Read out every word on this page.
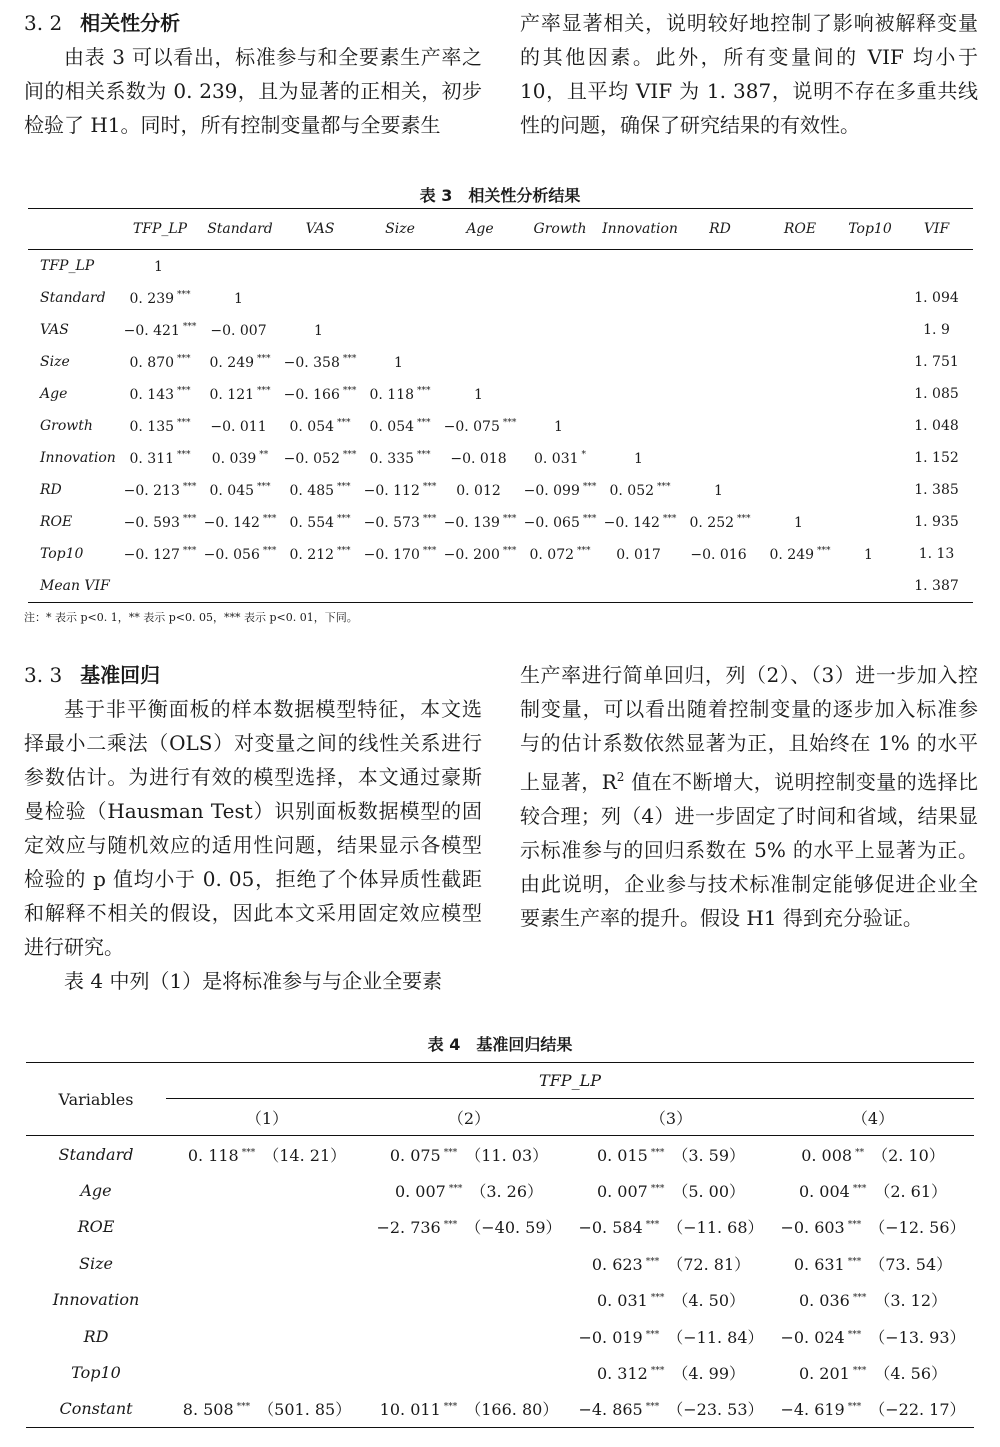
3. 2 相关性分析

由表 3 可以看出，标准参与和全要素生产率之间的相关系数为 0. 239，且为显著的正相关，初步检验了 H1。同时，所有控制变量都与全要素生

产率显著相关，说明较好地控制了影响被解释变量的其他因素。此外，所有变量间的 VIF 均小于 10，且平均 VIF 为 1. 387，说明不存在多重共线性的问题，确保了研究结果的有效性。

表 3　相关性分析结果
	TFP_LP	Standard	VAS	Size	Age	Growth	Innovation	RD	ROE	Top10	VIF
TFP_LP	1										
Standard	0. 239 ***	1									1. 094
VAS	−0. 421 ***	−0. 007	1								1. 9
Size	0. 870 ***	0. 249 ***	−0. 358 ***	1							1. 751
Age	0. 143 ***	0. 121 ***	−0. 166 ***	0. 118 ***	1						1. 085
Growth	0. 135 ***	−0. 011	0. 054 ***	0. 054 ***	−0. 075 ***	1					1. 048
Innovation	0. 311 ***	0. 039 **	−0. 052 ***	0. 335 ***	−0. 018	0. 031 *	1				1. 152
RD	−0. 213 ***	0. 045 ***	0. 485 ***	−0. 112 ***	0. 012	−0. 099 ***	0. 052 ***	1			1. 385
ROE	−0. 593 ***	−0. 142 ***	0. 554 ***	−0. 573 ***	−0. 139 ***	−0. 065 ***	−0. 142 ***	0. 252 ***	1		1. 935
Top10	−0. 127 ***	−0. 056 ***	0. 212 ***	−0. 170 ***	−0. 200 ***	0. 072 ***	0. 017	−0. 016	0. 249 ***	1	1. 13
Mean VIF											1. 387
注：* 表示 p<0. 1，** 表示 p<0. 05，*** 表示 p<0. 01，下同。
3. 3 基准回归

基于非平衡面板的样本数据模型特征，本文选择最小二乘法（OLS）对变量之间的线性关系进行参数估计。为进行有效的模型选择，本文通过豪斯曼检验（Hausman Test）识别面板数据模型的固定效应与随机效应的适用性问题，结果显示各模型检验的 p 值均小于 0. 05，拒绝了个体异质性截距和解释不相关的假设，因此本文采用固定效应模型进行研究。

表 4 中列（1）是将标准参与与企业全要素

生产率进行简单回归，列（2）、（3）进一步加入控制变量，可以看出随着控制变量的逐步加入标准参与的估计系数依然显著为正，且始终在 1% 的水平上显著，$R^2$ 值在不断增大，说明控制变量的选择比较合理；列（4）进一步固定了时间和省域，结果显示标准参与的回归系数在 5% 的水平上显著为正。由此说明，企业参与技术标准制定能够促进企业全要素生产率的提升。假设 H1 得到充分验证。

表 4　基准回归结果
Variables	TFP_LP			
	（1）	（2）	（3）	（4）
Standard	0. 118 *** （14. 21）	0. 075 *** （11. 03）	0. 015 *** （3. 59）	0. 008 ** （2. 10）
Age		0. 007 *** （3. 26）	0. 007 *** （5. 00）	0. 004 *** （2. 61）
ROE		−2. 736 *** （−40. 59）	−0. 584 *** （−11. 68）	−0. 603 *** （−12. 56）
Size			0. 623 *** （72. 81）	0. 631 *** （73. 54）
Innovation			0. 031 *** （4. 50）	0. 036 *** （3. 12）
RD			−0. 019 *** （−11. 84）	−0. 024 *** （−13. 93）
Top10			0. 312 *** （4. 99）	0. 201 *** （4. 56）
Constant	8. 508 *** （501. 85）	10. 011 *** （166. 80）	−4. 865 *** （−23. 53）	−4. 619 *** （−22. 17）
